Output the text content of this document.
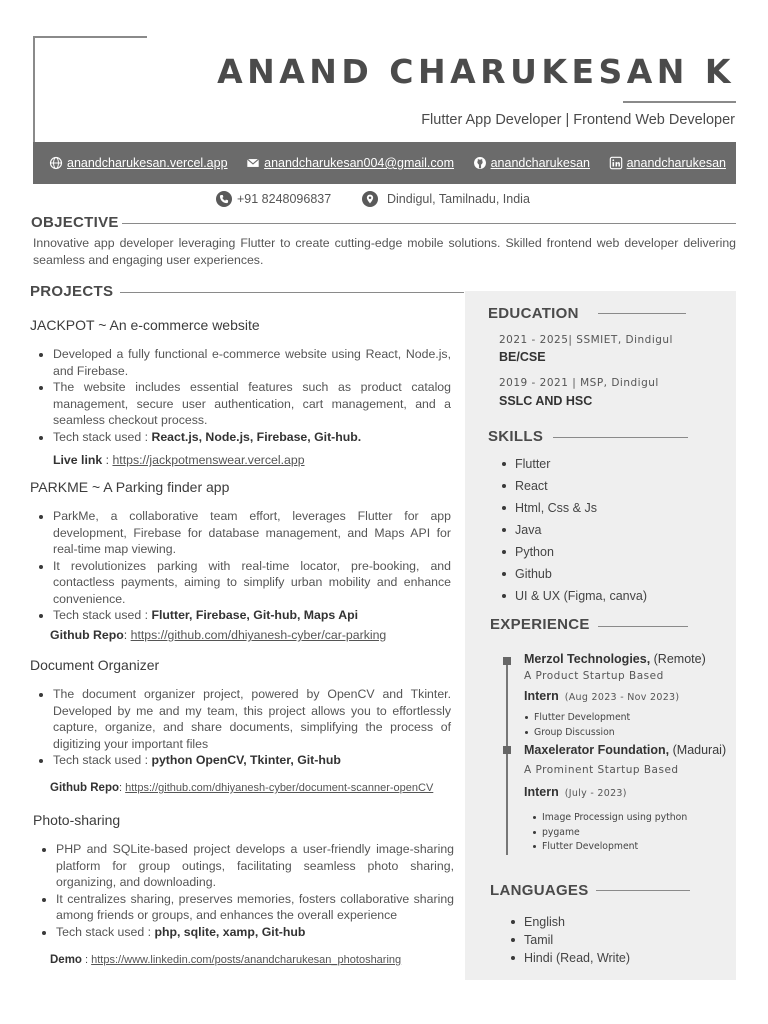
ANAND CHARUKESAN K
Flutter App Developer | Frontend Web Developer
anandcharukesan.vercel.app	anandcharukesan004@gmail.com	anandcharukesan	anandcharukesan
+91 8248096837	Dindigul, Tamilnadu, India
OBJECTIVE
Innovative app developer leveraging Flutter to create cutting-edge mobile solutions. Skilled frontend web developer delivering seamless and engaging user experiences.
PROJECTS
JACKPOT ~ An e-commerce website
Developed a fully functional e-commerce website using React, Node.js, and Firebase.
The website includes essential features such as product catalog management, secure user authentication, cart management, and a seamless checkout process.
Tech stack used : React.js, Node.js, Firebase, Git-hub.
Live link : https://jackpotmenswear.vercel.app
PARKME ~ A Parking finder app
ParkMe, a collaborative team effort, leverages Flutter for app development, Firebase for database management, and Maps API for real-time map viewing.
It revolutionizes parking with real-time locator, pre-booking, and contactless payments, aiming to simplify urban mobility and enhance convenience.
Tech stack used : Flutter, Firebase, Git-hub, Maps Api
Github Repo: https://github.com/dhiyanesh-cyber/car-parking
Document Organizer
The document organizer project, powered by OpenCV and Tkinter. Developed by me and my team, this project allows you to effortlessly capture, organize, and share documents, simplifying the process of digitizing your important files
Tech stack used : python OpenCV, Tkinter, Git-hub
Github Repo: https://github.com/dhiyanesh-cyber/document-scanner-openCV
Photo-sharing
PHP and SQLite-based project develops a user-friendly image-sharing platform for group outings, facilitating seamless photo sharing, organizing, and downloading.
It centralizes sharing, preserves memories, fosters collaborative sharing among friends or groups, and enhances the overall experience
Tech stack used : php, sqlite, xamp, Git-hub
Demo : https://www.linkedin.com/posts/anandcharukesan_photosharing
EDUCATION
2021 - 2025| SSMIET, Dindigul
BE/CSE
2019 - 2021 | MSP, Dindigul
SSLC AND HSC
SKILLS
Flutter
React
Html, Css & Js
Java
Python
Github
UI & UX (Figma, canva)
EXPERIENCE
Merzol Technologies, (Remote)
A Product Startup Based
Intern (Aug 2023 - Nov 2023)
Flutter Development
Group Discussion
Maxelerator Foundation, (Madurai)
A Prominent Startup Based
Intern (July - 2023)
Image Processign using python
pygame
Flutter Development
LANGUAGES
English
Tamil
Hindi (Read, Write)
